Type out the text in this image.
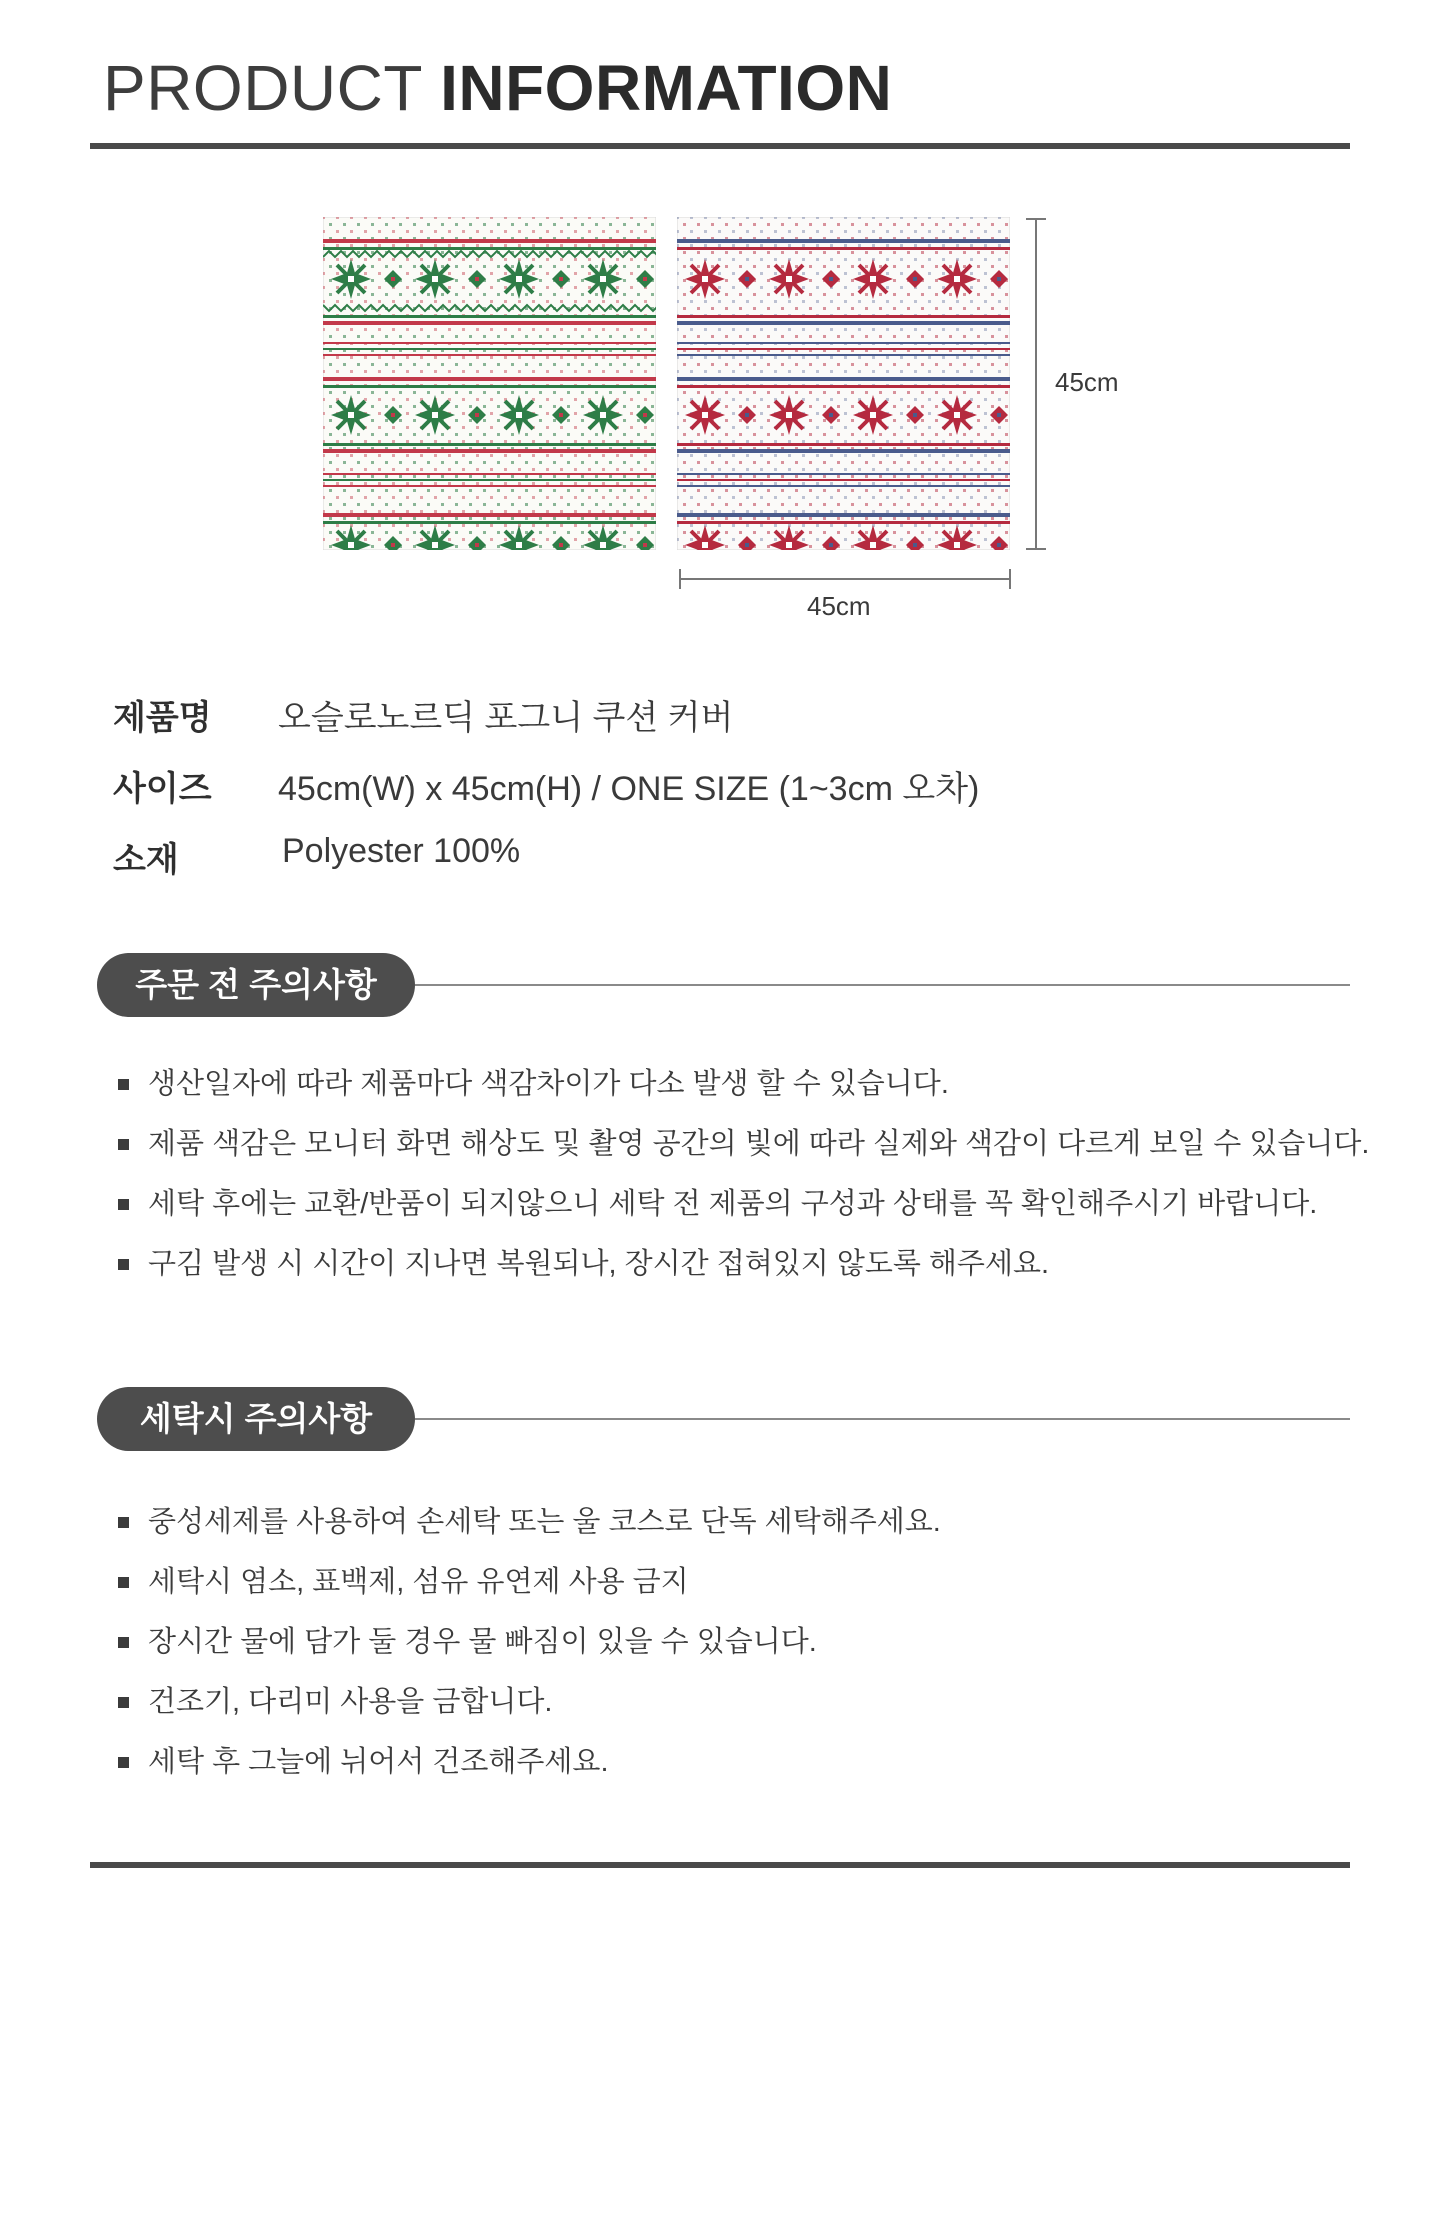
PRODUCT INFORMATION
45cm
45cm
제품명 오슬로노르딕 포그니 쿠션 커버
사이즈 45cm(W) x 45cm(H) / ONE SIZE (1~3cm 오차)
소재	Polyester 100%
주문 전 주의사항
생산일자에 따라 제품마다 색감차이가 다소 발생 할 수 있습니다.
제품 색감은 모니터 화면 해상도 및 촬영 공간의 빛에 따라 실제와 색감이 다르게 보일 수 있습니다.
세탁 후에는 교환/반품이 되지않으니 세탁 전 제품의 구성과 상태를 꼭 확인해주시기 바랍니다.
구김 발생 시 시간이 지나면 복원되나, 장시간 접혀있지 않도록 해주세요.
세탁시 주의사항
중성세제를 사용하여 손세탁 또는 울 코스로 단독 세탁해주세요.
세탁시 염소, 표백제, 섬유 유연제 사용 금지
장시간 물에 담가 둘 경우 물 빠짐이 있을 수 있습니다.
건조기, 다리미 사용을 금합니다.
세탁 후 그늘에 뉘어서 건조해주세요.
